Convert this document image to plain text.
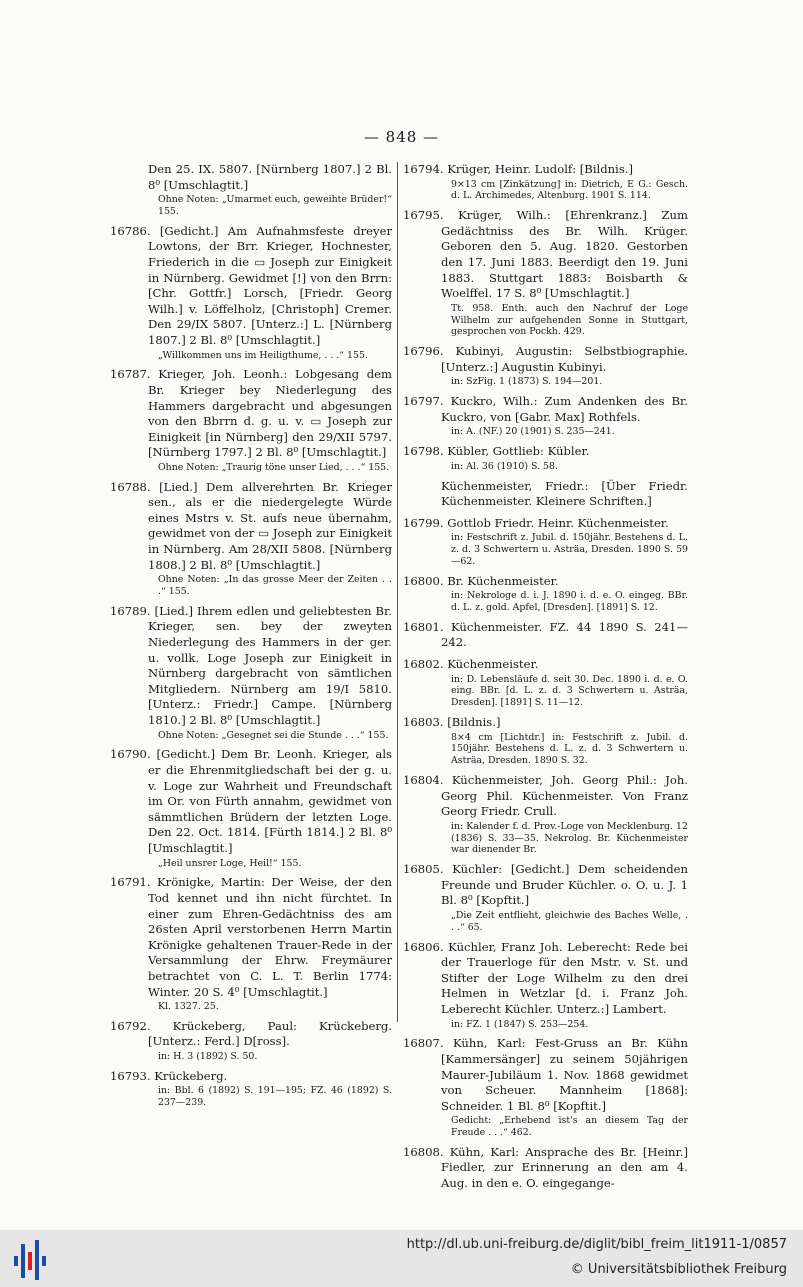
— 848 —
Den 25. IX. 5807. [Nürnberg 1807.] 2 Bl. 8⁰ [Umschlagtit.]
Ohne Noten: „Umarmet euch, geweihte Brüder!“ 155.
16786. [Gedicht.] Am Aufnahmsfeste dreyer Lowtons, der Brr. Krieger, Hochnester, Friederich in die ▭ Joseph zur Einigkeit in Nürnberg. Gewidmet [!] von den Brrn: [Chr. Gottfr.] Lorsch, [Friedr. Georg Wilh.] v. Löffelholz, [Christoph] Cremer. Den 29/IX 5807. [Unterz.:] L. [Nürnberg 1807.] 2 Bl. 8⁰ [Umschlagtit.]
„Willkommen uns im Heiligthume, . . .“ 155.
16787. Krieger, Joh. Leonh.: Lobgesang dem Br. Krieger bey Niederlegung des Hammers dargebracht und abgesungen von den Bbrrn d. g. u. v. ▭ Joseph zur Einigkeit [in Nürnberg] den 29/XII 5797. [Nürnberg 1797.] 2 Bl. 8⁰ [Umschlagtit.]
Ohne Noten: „Traurig töne unser Lied, . . .“ 155.
16788. [Lied.] Dem allverehrten Br. Krieger sen., als er die niedergelegte Würde eines Mstrs v. St. aufs neue übernahm, gewidmet von der ▭ Joseph zur Einigkeit in Nürnberg. Am 28/XII 5808. [Nürnberg 1808.] 2 Bl. 8⁰ [Umschlagtit.]
Ohne Noten: „In das grosse Meer der Zeiten . . .“ 155.
16789. [Lied.] Ihrem edlen und geliebtesten Br. Krieger, sen. bey der zweyten Niederlegung des Hammers in der ger. u. vollk. Loge Joseph zur Einigkeit in Nürnberg dargebracht von sämtlichen Mitgliedern. Nürnberg am 19/I 5810. [Unterz.: Friedr.] Campe. [Nürnberg 1810.] 2 Bl. 8⁰ [Umschlagtit.]
Ohne Noten: „Gesegnet sei die Stunde . . .“ 155.
16790. [Gedicht.] Dem Br. Leonh. Krieger, als er die Ehrenmitgliedschaft bei der g. u. v. Loge zur Wahrheit und Freundschaft im Or. von Fürth annahm, gewidmet von sämmtlichen Brüdern der letzten Loge. Den 22. Oct. 1814. [Fürth 1814.] 2 Bl. 8⁰ [Umschlagtit.]
„Heil unsrer Loge, Heil!“ 155.
16791. Krönigke, Martin: Der Weise, der den Tod kennet und ihn nicht fürchtet. In einer zum Ehren-Gedächtniss des am 26sten April verstorbenen Herrn Martin Krönigke gehaltenen Trauer-Rede in der Versammlung der Ehrw. Freymäurer betrachtet von C. L. T. Berlin 1774: Winter. 20 S. 4⁰ [Umschlagtit.]
Kl. 1327. 25.
16792. Krückeberg, Paul: Krückeberg. [Unterz.: Ferd.] D[ross].
in: H. 3 (1892) S. 50.
16793. Krückeberg.
in: Bbl. 6 (1892) S. 191—195; FZ. 46 (1892) S. 237—239.
16794. Krüger, Heinr. Ludolf: [Bildnis.]
9×13 cm [Zinkätzung] in: Dietrich, E G.: Gesch. d. L. Archimedes, Altenburg. 1901 S. 114.
16795. Krüger, Wilh.: [Ehrenkranz.] Zum Gedächtniss des Br. Wilh. Krüger. Geboren den 5. Aug. 1820. Gestorben den 17. Juni 1883. Beerdigt den 19. Juni 1883. Stuttgart 1883: Boisbarth & Woelffel. 17 S. 8⁰ [Umschlagtit.]
Tt. 958. Enth. auch den Nachruf der Loge Wilhelm zur aufgehenden Sonne in Stuttgart, gesprochen von Pockh. 429.
16796. Kubinyi, Augustin: Selbstbiographie. [Unterz.:] Augustin Kubinyi.
in: SzFig. 1 (1873) S. 194—201.
16797. Kuckro, Wilh.: Zum Andenken des Br. Kuckro, von [Gabr. Max] Rothfels.
in: A. (NF.) 20 (1901) S. 235—241.
16798. Kübler, Gottlieb: Kübler.
in: Al. 36 (1910) S. 58.
Küchenmeister, Friedr.: [Über Friedr. Küchenmeister. Kleinere Schriften.]
16799. Gottlob Friedr. Heinr. Küchenmeister.
in: Festschrift z. Jubil. d. 150jähr. Bestehens d. L. z. d. 3 Schwertern u. Asträa, Dresden. 1890 S. 59—62.
16800. Br. Küchenmeister.
in: Nekrologe d. i. J. 1890 i. d. e. O. eingeg. BBr. d. L. z. gold. Apfel, [Dresden]. [1891] S. 12.
16801. Küchenmeister. FZ. 44 1890 S. 241—242.
16802. Küchenmeister.
in: D. Lebensläufe d. seit 30. Dec. 1890 i. d. e. O. eing. BBr. [d. L. z. d. 3 Schwertern u. Asträa, Dresden]. [1891] S. 11—12.
16803. [Bildnis.]
8×4 cm [Lichtdr.] in: Festschrift z. Jubil. d. 150jähr. Bestehens d. L. z. d. 3 Schwertern u. Asträa, Dresden. 1890 S. 32.
16804. Küchenmeister, Joh. Georg Phil.: Joh. Georg Phil. Küchenmeister. Von Franz Georg Friedr. Crull.
in: Kalender f. d. Prov.-Loge von Mecklenburg. 12 (1836) S. 33—35. Nekrolog. Br. Küchenmeister war dienender Br.
16805. Küchler: [Gedicht.] Dem scheidenden Freunde und Bruder Küchler. o. O. u. J. 1 Bl. 8⁰ [Kopftit.]
„Die Zeit entflieht, gleichwie des Baches Welle, . . .“ 65.
16806. Küchler, Franz Joh. Leberecht: Rede bei der Trauerloge für den Mstr. v. St. und Stifter der Loge Wilhelm zu den drei Helmen in Wetzlar [d. i. Franz Joh. Leberecht Küchler. Unterz.:] Lambert.
in: FZ. 1 (1847) S. 253—254.
16807. Kühn, Karl: Fest-Gruss an Br. Kühn [Kammersänger] zu seinem 50jährigen Maurer-Jubiläum 1. Nov. 1868 gewidmet von Scheuer. Mannheim [1868]: Schneider. 1 Bl. 8⁰ [Kopftit.]
Gedicht: „Erhebend ist's an diesem Tag der Freude . . .“ 462.
16808. Kühn, Karl: Ansprache des Br. [Heinr.] Fiedler, zur Erinnerung an den am 4. Aug. in den e. O. eingegange-
http://dl.ub.uni-freiburg.de/diglit/bibl_freim_lit1911-1/0857
© Universitätsbibliothek Freiburg
